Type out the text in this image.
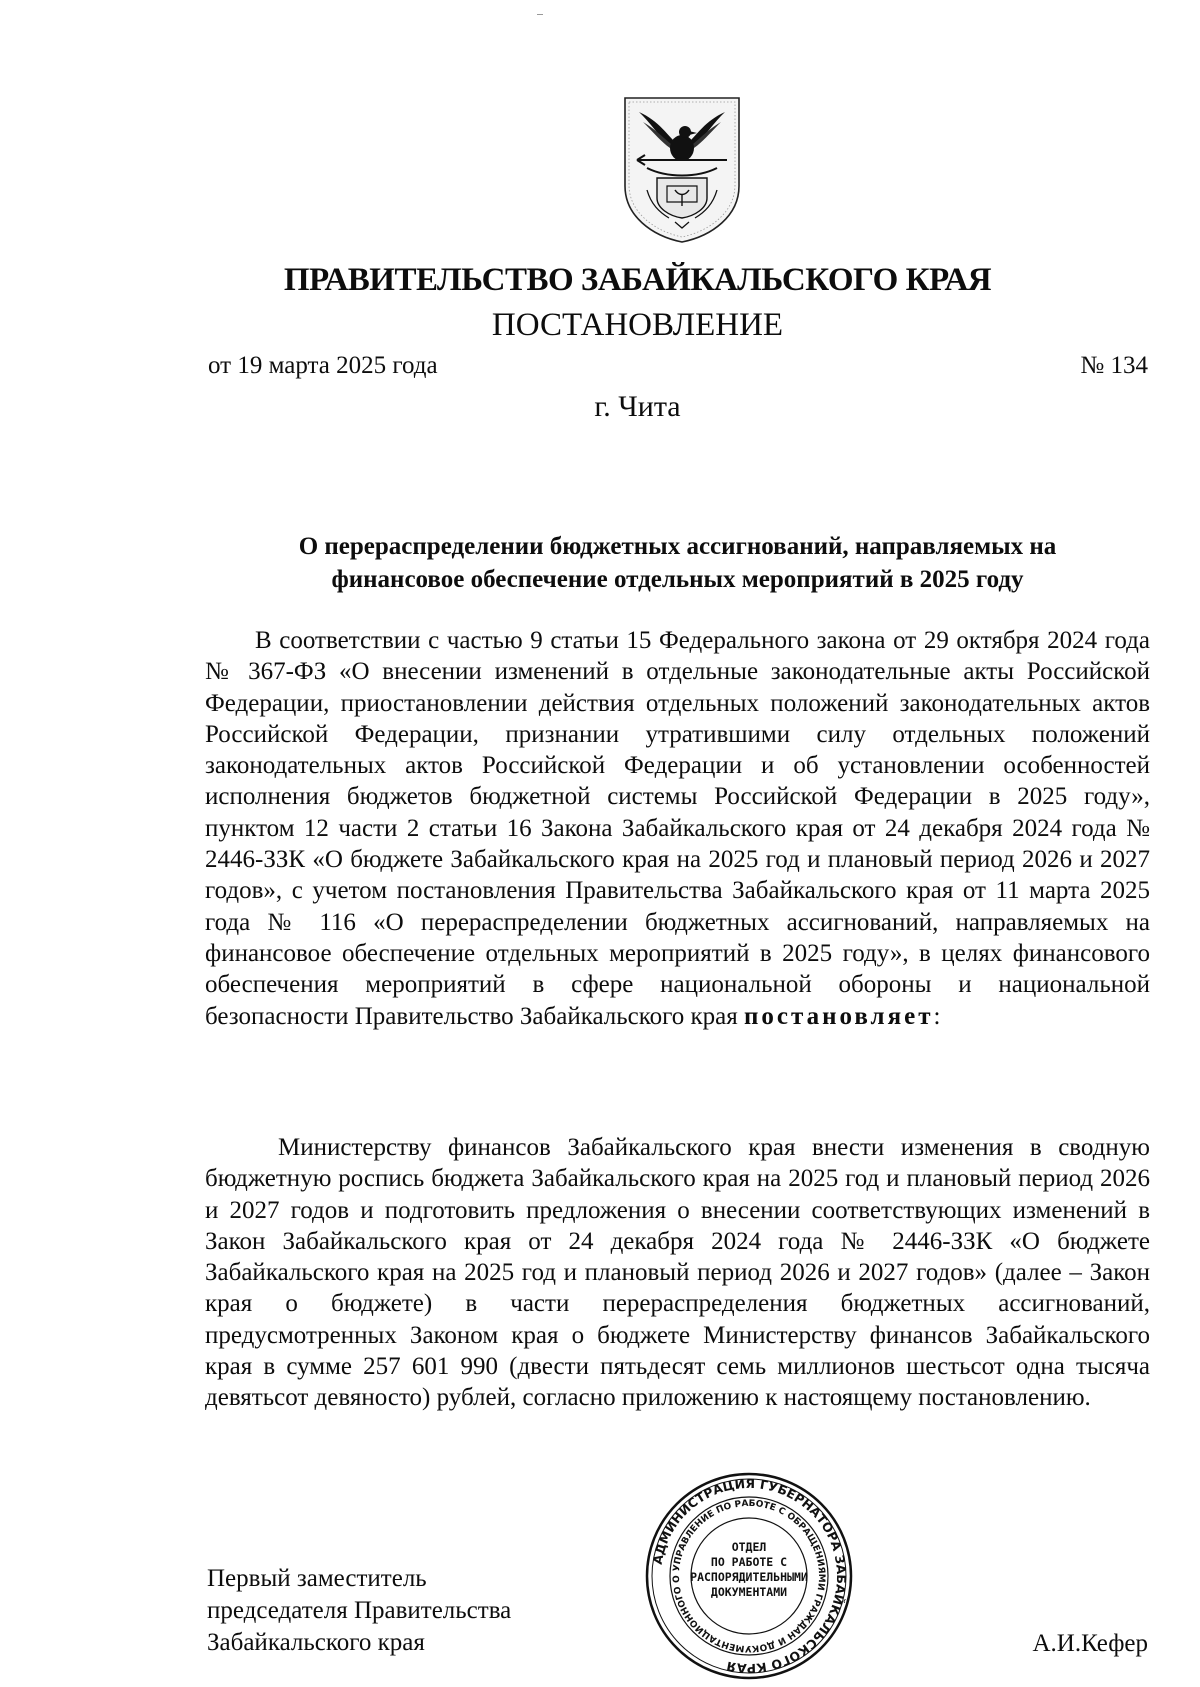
ПРАВИТЕЛЬСТВО ЗАБАЙКАЛЬСКОГО КРАЯ
ПОСТАНОВЛЕНИЕ
от 19 марта 2025 года	№ 134
г. Чита
О перераспределении бюджетных ассигнований, направляемых на
финансовое обеспечение отдельных мероприятий в 2025 году
В соответствии с частью 9 статьи 15 Федерального закона от 29 октября 2024 года № 367-ФЗ «О внесении изменений в отдельные законодательные акты Российской Федерации, приостановлении действия отдельных положений законодательных актов Российской Федерации, признании утратившими силу отдельных положений законодательных актов Российской Федерации и об установлении особенностей исполнения бюджетов бюджетной системы Российской Федерации в 2025 году», пунктом 12 части 2 статьи 16 Закона Забайкальского края от 24 декабря 2024 года № 2446-ЗЗК «О бюджете Забайкальского края на 2025 год и плановый период 2026 и 2027 годов», с учетом постановления Правительства Забайкальского края от 11 марта 2025 года № 116 «О перераспределении бюджетных ассигнований, направляемых на финансовое обеспечение отдельных мероприятий в 2025 году», в целях финансового обеспечения мероприятий в сфере национальной обороны и национальной безопасности Правительство Забайкальского края постановляет:
Министерству финансов Забайкальского края внести изменения в сводную бюджетную роспись бюджета Забайкальского края на 2025 год и плановый период 2026 и 2027 годов и подготовить предложения о внесении соответствующих изменений в Закон Забайкальского края от 24 декабря 2024 года № 2446-ЗЗК «О бюджете Забайкальского края на 2025 год и плановый период 2026 и 2027 годов» (далее – Закон края о бюджете) в части перераспределения бюджетных ассигнований, предусмотренных Законом края о бюджете Министерству финансов Забайкальского края в сумме 257 601 990 (двести пятьдесят семь миллионов шестьсот одна тысяча девятьсот девяносто) рублей, согласно приложению к настоящему постановлению.
АДМИНИСТРАЦИЯ ГУБЕРНАТОРА ЗАБАЙКАЛЬСКОГО КРАЯ
УПРАВЛЕНИЕ ПО РАБОТЕ С ОБРАЩЕНИЯМИ ГРАЖДАН И ДОКУМЕНТАЦИОННОГО О
ОТДЕЛ
ПО РАБОТЕ С
РАСПОРЯДИТЕЛЬНЫМИ
ДОКУМЕНТАМИ
Первый заместитель
председателя Правительства
Забайкальского края	А.И.Кефер
